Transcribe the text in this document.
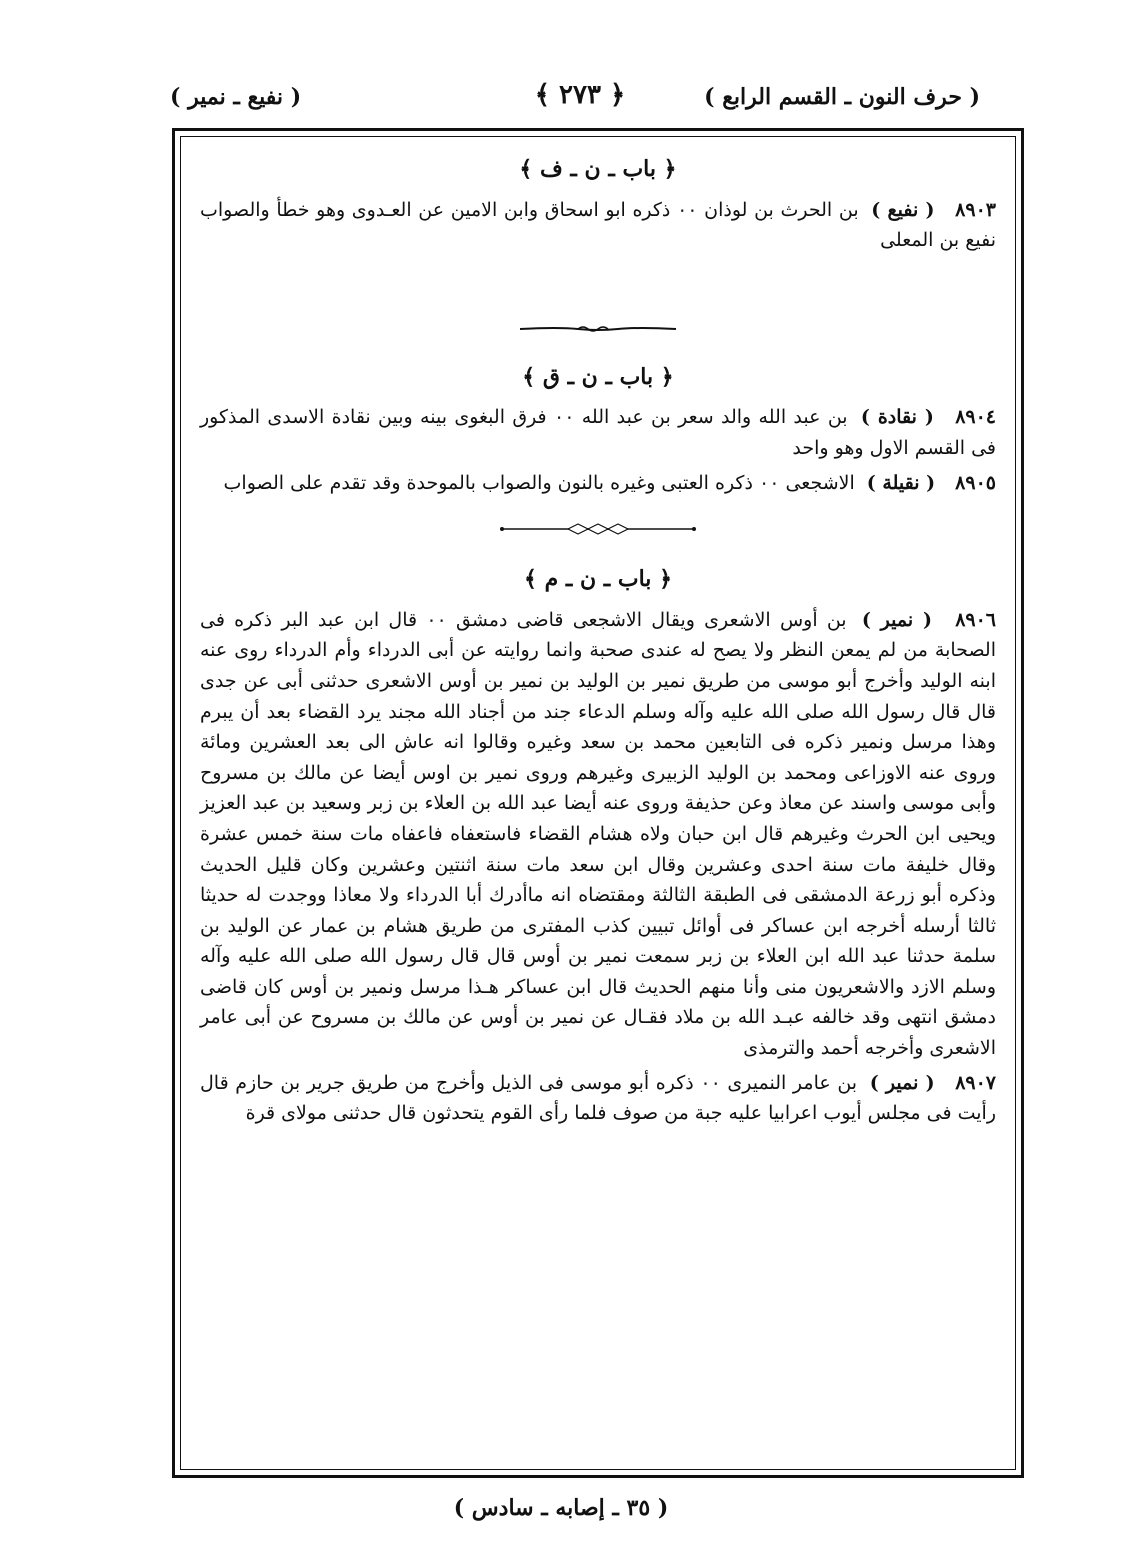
( حرف النون ـ القسم الرابع )
﴿ ٢٧٣ ﴾
( نفيع ـ نمير )
﴿ باب ـ ن ـ ف ﴾

٨٩٠٣ ( نفيع ) بن الحرث بن لوذان ٠٠ ذكره ابو اسحاق وابن الامين عن العـدوى وهو خطأ والصواب نفيع بن المعلى

﴿ باب ـ ن ـ ق ﴾

٨٩٠٤ ( نقادة ) بن عبد الله والد سعر بن عبد الله ٠٠ فرق البغوى بينه وبين نقادة الاسدى المذكور فى القسم الاول وهو واحد

٨٩٠٥ ( نقيلة ) الاشجعى ٠٠ ذكره العتبى وغيره بالنون والصواب بالموحدة وقد تقدم على الصواب

﴿ باب ـ ن ـ م ﴾

٨٩٠٦ ( نمير ) بن أوس الاشعرى ويقال الاشجعى قاضى دمشق ٠٠ قال ابن عبد البر ذكره فى الصحابة من لم يمعن النظر ولا يصح له عندى صحبة وانما روايته عن أبى الدرداء وأم الدرداء روى عنه ابنه الوليد وأخرج أبو موسى من طريق نمير بن الوليد بن نمير بن أوس الاشعرى حدثنى أبى عن جدى قال قال رسول الله صلى الله عليه وآله وسلم الدعاء جند من أجناد الله مجند يرد القضاء بعد أن يبرم وهذا مرسل ونمير ذكره فى التابعين محمد بن سعد وغيره وقالوا انه عاش الى بعد العشرين ومائة وروى عنه الاوزاعى ومحمد بن الوليد الزبيرى وغيرهم وروى نمير بن اوس أيضا عن مالك بن مسروح وأبى موسى واسند عن معاذ وعن حذيفة وروى عنه أيضا عبد الله بن العلاء بن زبر وسعيد بن عبد العزيز ويحيى ابن الحرث وغيرهم قال ابن حبان ولاه هشام القضاء فاستعفاه فاعفاه مات سنة خمس عشرة وقال خليفة مات سنة احدى وعشرين وقال ابن سعد مات سنة اثنتين وعشرين وكان قليل الحديث وذكره أبو زرعة الدمشقى فى الطبقة الثالثة ومقتضاه انه ماأدرك أبا الدرداء ولا معاذا ووجدت له حديثا ثالثا أرسله أخرجه ابن عساكر فى أوائل تبيين كذب المفترى من طريق هشام بن عمار عن الوليد بن سلمة حدثنا عبد الله ابن العلاء بن زبر سمعت نمير بن أوس قال قال رسول الله صلى الله عليه وآله وسلم الازد والاشعريون منى وأنا منهم الحديث قال ابن عساكر هـذا مرسل ونمير بن أوس كان قاضى دمشق انتهى وقد خالفه عبـد الله بن ملاد فقـال عن نمير بن أوس عن مالك بن مسروح عن أبى عامر الاشعرى وأخرجه أحمد والترمذى

٨٩٠٧ ( نمير ) بن عامر النميرى ٠٠ ذكره أبو موسى فى الذيل وأخرج من طريق جرير بن حازم قال رأيت فى مجلس أيوب اعرابيا عليه جبة من صوف فلما رأى القوم يتحدثون قال حدثنى مولاى قرة

( ٣٥ ـ إصابه ـ سادس )
